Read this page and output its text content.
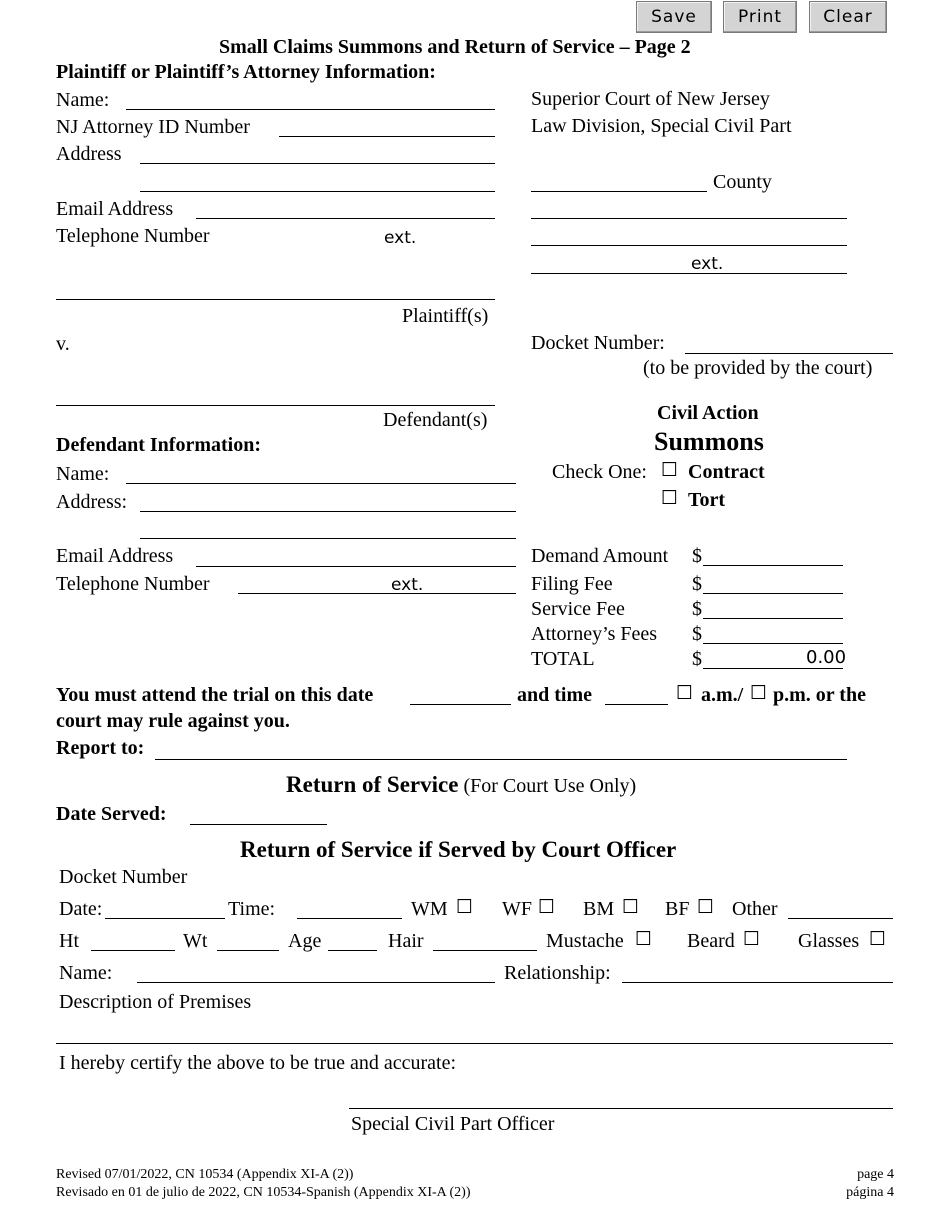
Save	Print	Clear
Small Claims Summons and Return of Service – Page 2
Plaintiff or Plaintiff’s Attorney Information:
Name:
NJ Attorney ID Number
Address
Email Address
Telephone Number	ext.
Plaintiff(s)
v.
Defendant(s)
Superior Court of New Jersey
Law Division, Special Civil Part
County
ext.
Docket Number:
(to be provided by the court)
Civil Action
Summons
Check One: ☐ Contract
☐ Tort
Defendant Information:
Name:
Address:
Email Address
Telephone Number	ext.
Demand Amount $
Filing Fee	$
Service Fee	$
Attorney’s Fees $
TOTAL	$	0.00
You must attend the trial on this date	and time	☐ a.m./ ☐ p.m. or the
court may rule against you.
Report to:
Return of Service (For Court Use Only)
Date Served:
Return of Service if Served by Court Officer
Docket Number
Date:	Time:	WM ☐ WF ☐ BM ☐ BF ☐ Other
Ht	Wt	Age	Hair	Mustache ☐ Beard ☐ Glasses ☐
Name:	Relationship:
Description of Premises
I hereby certify the above to be true and accurate:
Special Civil Part Officer
Revised 07/01/2022, CN 10534 (Appendix XI-A (2))
Revisado en 01 de julio de 2022, CN 10534-Spanish (Appendix XI-A (2))
page 4
página 4
